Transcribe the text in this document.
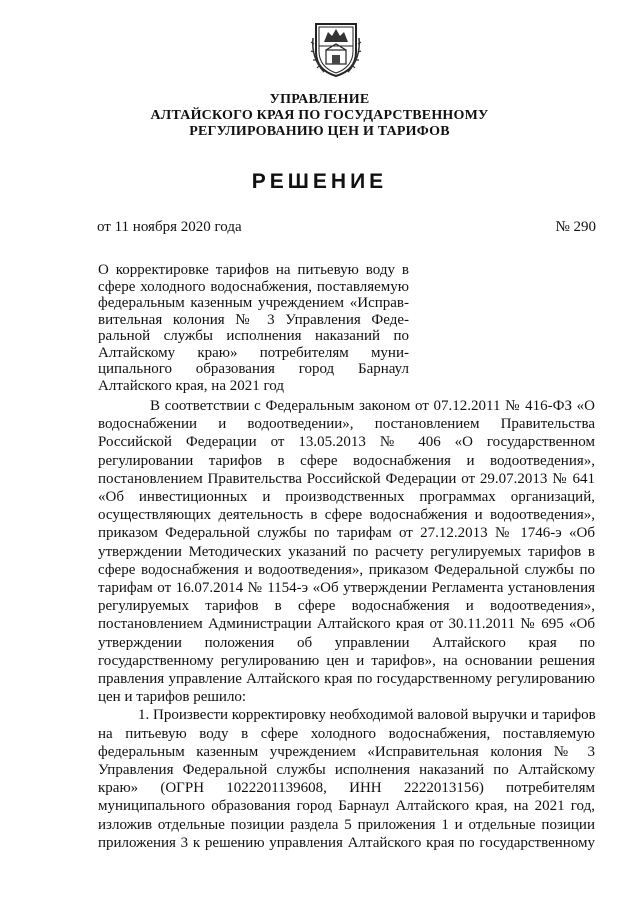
УПРАВЛЕНИЕ
АЛТАЙСКОГО КРАЯ ПО ГОСУДАРСТВЕННОМУ
РЕГУЛИРОВАНИЮ ЦЕН И ТАРИФОВ
РЕШЕНИЕ
от 11 ноября 2020 года	№ 290
О корректировке тарифов на питьевую воду в
сфере холодного водоснабжения, поставляемую
федеральным казенным учреждением «Исправ-
вительная колония № 3 Управления Феде-
ральной службы исполнения наказаний по
Алтайскому краю» потребителям муни-
ципального образования город Барнаул
Алтайского края, на 2021 год
В соответствии с Федеральным законом от 07.12.2011 № 416-ФЗ «О
водоснабжении и водоотведении», постановлением Правительства
Российской Федерации от 13.05.2013 № 406 «О государственном
регулировании тарифов в сфере водоснабжения и водоотведения»,
постановлением Правительства Российской Федерации от 29.07.2013 № 641
«Об инвестиционных и производственных программах организаций,
осуществляющих деятельность в сфере водоснабжения и водоотведения»,
приказом Федеральной службы по тарифам от 27.12.2013 № 1746-э «Об
утверждении Методических указаний по расчету регулируемых тарифов в
сфере водоснабжения и водоотведения», приказом Федеральной службы по
тарифам от 16.07.2014 № 1154-э «Об утверждении Регламента установления
регулируемых тарифов в сфере водоснабжения и водоотведения»,
постановлением Администрации Алтайского края от 30.11.2011 № 695 «Об
утверждении положения об управлении Алтайского края по
государственному регулированию цен и тарифов», на основании решения
правления управление Алтайского края по государственному регулированию
цен и тарифов решило:
1. Произвести корректировку необходимой валовой выручки и тарифов
на питьевую воду в сфере холодного водоснабжения, поставляемую
федеральным казенным учреждением «Исправительная колония № 3
Управления Федеральной службы исполнения наказаний по Алтайскому
краю» (ОГРН 1022201139608, ИНН 2222013156) потребителям
муниципального образования город Барнаул Алтайского края, на 2021 год,
изложив отдельные позиции раздела 5 приложения 1 и отдельные позиции
приложения 3 к решению управления Алтайского края по государственному
